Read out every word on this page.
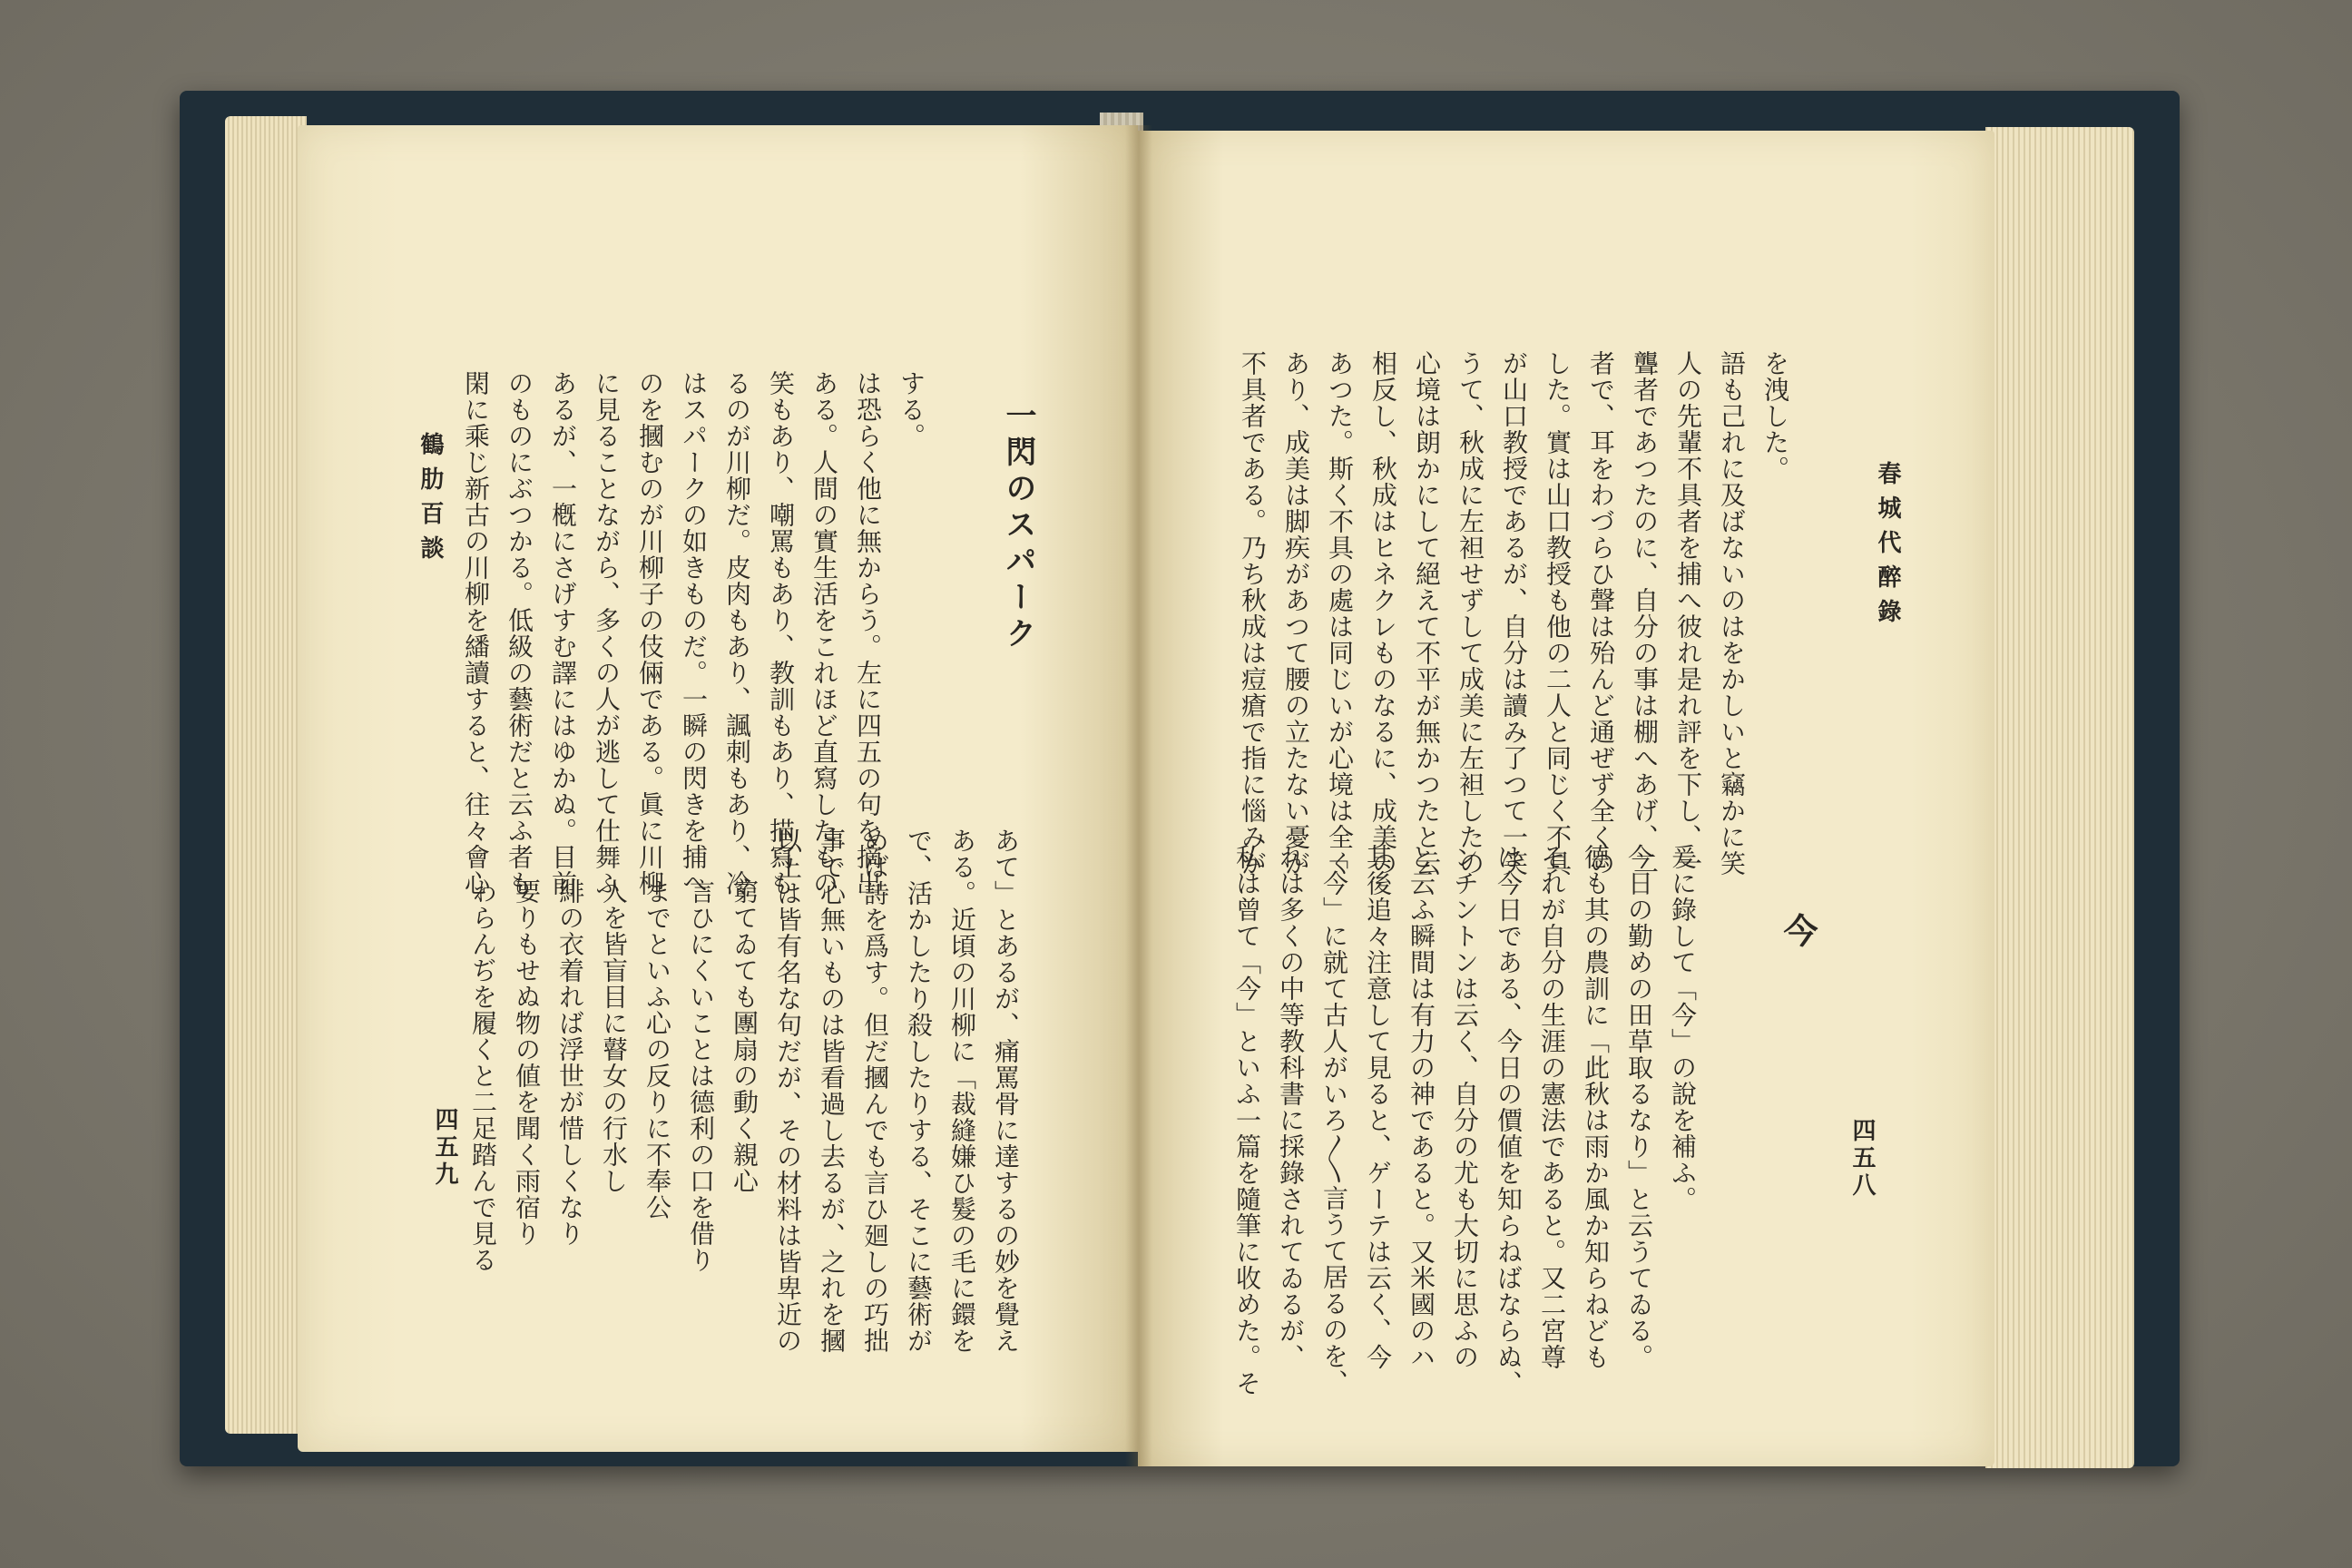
する。

は恐らく他に無からう。左に四五の句を摘出

ある。人間の實生活をこれほど直寫したもの

笑もあり、嘲罵もあり、教訓もあり、描寫も

るのが川柳だ。皮肉もあり、諷刺もあり、冷

はスパークの如きものだ。一瞬の閃きを捕へ

のを摑むのが川柳子の伎倆である。眞に川柳

に見ることながら、多くの人が逃して仕舞ふ

あるが、一槪にさげすむ譯にはゆかぬ。目前

のものにぶつかる。低級の藝術だと云ふ者も

閑に乘じ新古の川柳を繙讀すると、往々會心	一閃のスパーク
鶴肋百談

あて」とあるが、痛罵骨に達するの妙を覺え

ある。近頃の川柳に「裁縫嫌ひ髮の毛に鐶を

で、活かしたり殺したりする、そこに藝術が

めば詩を爲す。但だ摑んでも言ひ廻しの巧拙

事で心無いものは皆看過し去るが、之れを摑

以上は皆有名な句だが、その材料は皆卑近の

窮てゐても團扇の動く親心

言ひにくいことは德利の口を借り

までといふ心の反りに不奉公

人を皆盲目に瞽女の行水し

緋の衣着れば浮世が惜しくなり

要りもせぬ物の値を聞く雨宿り

わらんぢを履くと二足踏んで見る

四五九
春城代醉錄

を洩した。

語も己れに及ばないのはをかしいと竊かに笑

人の先輩不具者を捕へ彼れ是れ評を下し、一

聾者であつたのに、自分の事は棚へあげ、二

者で、耳をわづらひ聲は殆んど通ぜず全くの

した。實は山口教授も他の二人と同じく不具

が山口教授であるが、自分は讀み了つて一笑

うて、秋成に左袒せずして成美に左袒したの

心境は朗かにして絕えて不平が無かつたと云

相反し、秋成はヒネクレものなるに、成美の

あつた。斯く不具の處は同じいが心境は全く

あり、成美は脚疾があつて腰の立たない憂が

不具者である。乃ち秋成は痘瘡で指に惱みが

爰に錄して「今」の說を補ふ。

今日の勤めの田草取るなり」と云うてゐる。

德も其の農訓に「此秋は雨か風か知らねども

それが自分の生涯の憲法であると。又二宮尊

は今日である、今日の價値を知らねばならぬ、

ンチントンは云く、自分の尤も大切に思ふの

と云ふ瞬間は有力の神であると。又米國のハ

其後追々注意して見ると、ゲーテは云く、今

「今」に就て古人がいろ〳〵言うて居るのを、

れは多くの中等教科書に採錄されてゐるが、

私は曾て「今」といふ一篇を隨筆に收めた。そ	今
四五八
